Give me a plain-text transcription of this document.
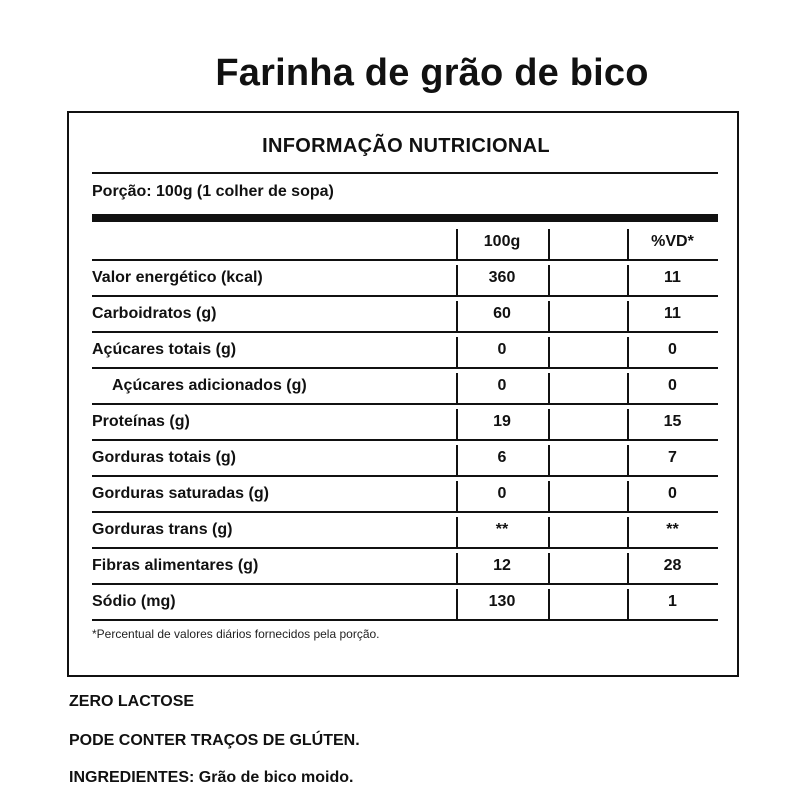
Farinha de grão de bico
INFORMAÇÃO NUTRICIONAL
Porção: 100g (1 colher de sopa)
100g	%VD*
Valor energético (kcal)	360	11
Carboidratos (g)	60	11
Açúcares totais (g)	0	0
Açúcares adicionados (g)	0	0
Proteínas (g)	19	15
Gorduras totais (g)	6	7
Gorduras saturadas (g)	0	0
Gorduras trans (g)	**	**
Fibras alimentares (g)	12	28
Sódio (mg)	130	1
*Percentual de valores diários fornecidos pela porção.
ZERO LACTOSE
PODE CONTER TRAÇOS DE GLÚTEN.
INGREDIENTES: Grão de bico moido.
